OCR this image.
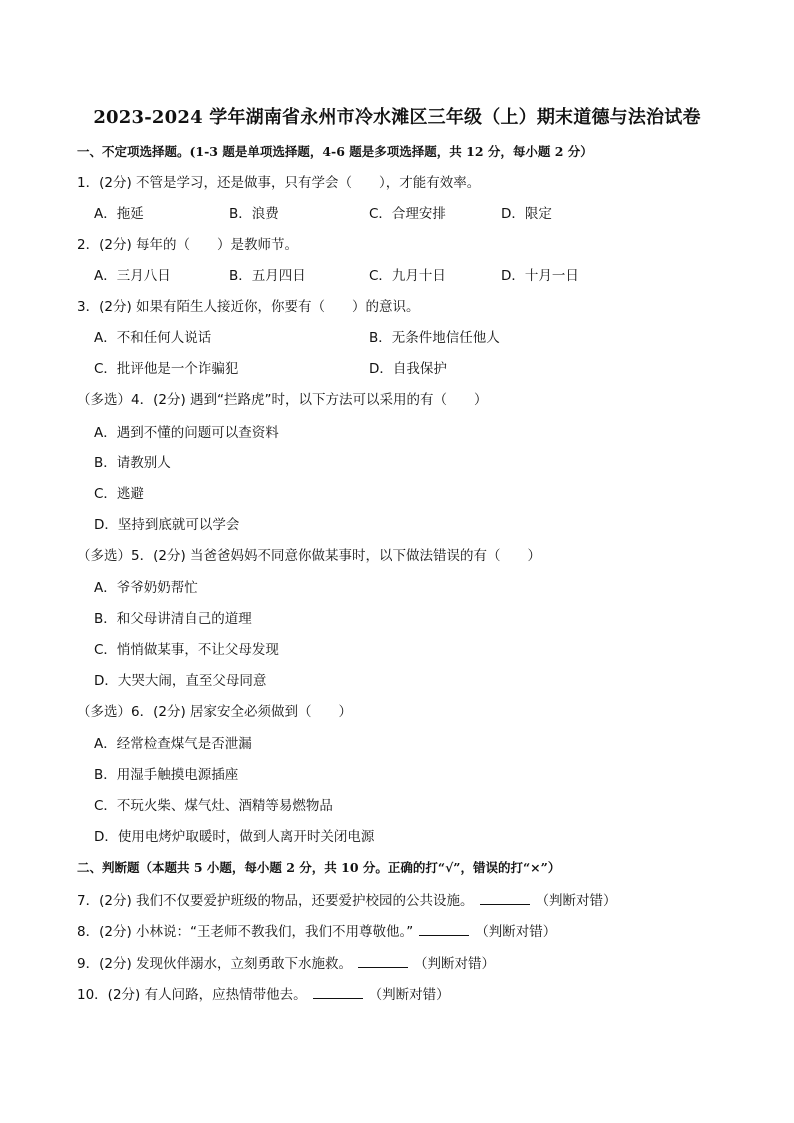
2023-2024 学年湖南省永州市冷水滩区三年级（上）期末道德与法治试卷
一、不定项选择题。(1-3 题是单项选择题，4-6 题是多项选择题，共 12 分，每小题 2 分）
1．(2分) 不管是学习，还是做事，只有学会（　　），才能有效率。
A．拖延	B．浪费	C．合理安排	D．限定
2．(2分) 每年的（　　）是教师节。
A．三月八日	B．五月四日	C．九月十日	D．十月一日
3．(2分) 如果有陌生人接近你，你要有（　　）的意识。
A．不和任何人说话	B．无条件地信任他人
C．批评他是一个诈骗犯	D．自我保护
（多选）4．(2分) 遇到“拦路虎”时，以下方法可以采用的有（　　）
A．遇到不懂的问题可以查资料
B．请教别人
C．逃避
D．坚持到底就可以学会
（多选）5．(2分) 当爸爸妈妈不同意你做某事时，以下做法错误的有（　　）
A．爷爷奶奶帮忙
B．和父母讲清自己的道理
C．悄悄做某事，不让父母发现
D．大哭大闹，直至父母同意
（多选）6．(2分) 居家安全必须做到（　　）
A．经常检查煤气是否泄漏
B．用湿手触摸电源插座
C．不玩火柴、煤气灶、酒精等易燃物品
D．使用电烤炉取暖时，做到人离开时关闭电源
二、判断题（本题共 5 小题，每小题 2 分，共 10 分。正确的打“√”，错误的打“×”）
7．(2分) 我们不仅要爱护班级的物品，还要爱护校园的公共设施。	（判断对错）
8．(2分) 小林说：“王老师不教我们，我们不用尊敬他。”	（判断对错）
9．(2分) 发现伙伴溺水，立刻勇敢下水施救。	（判断对错）
10．(2分) 有人问路，应热情带他去。	（判断对错）
